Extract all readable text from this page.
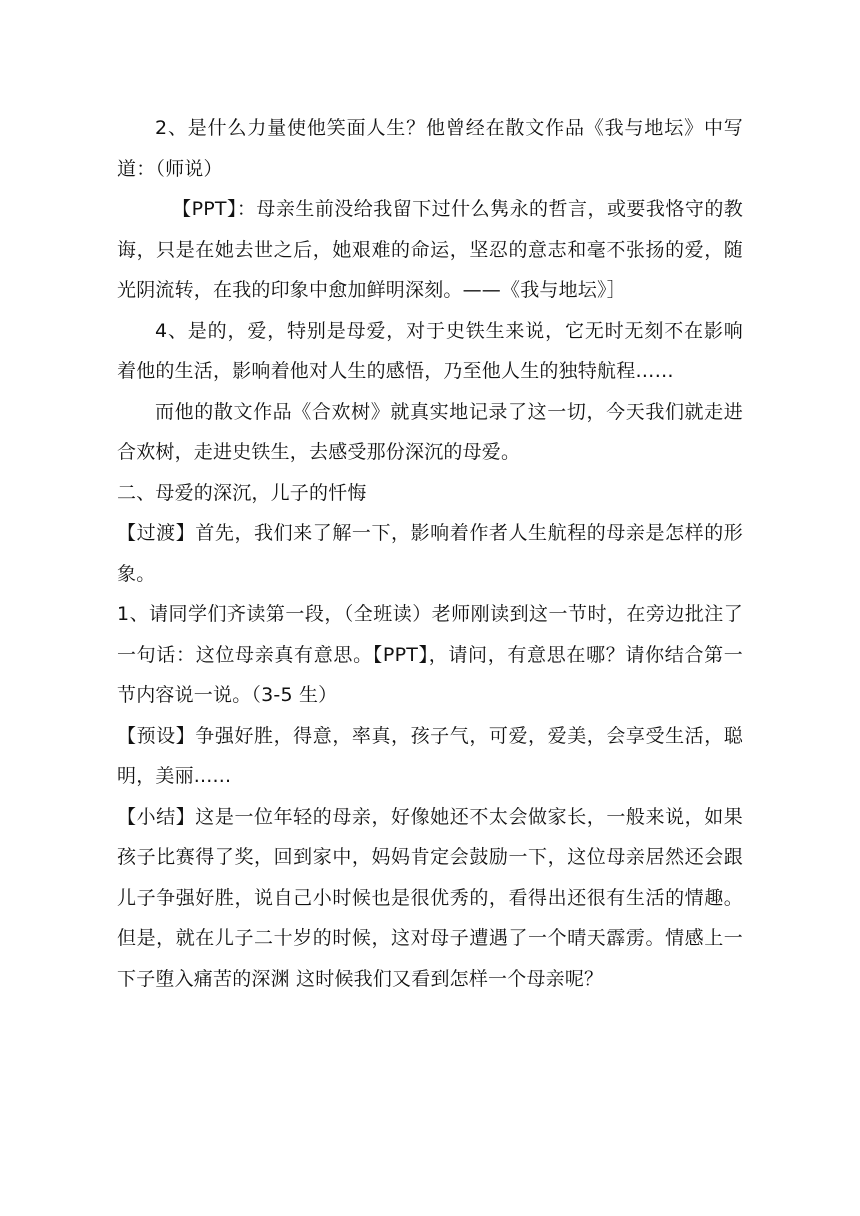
2、是什么力量使他笑面人生？他曾经在散文作品《我与地坛》中写道：（师说）

【PPT】：母亲生前没给我留下过什么隽永的哲言，或要我恪守的教诲，只是在她去世之后，她艰难的命运，坚忍的意志和毫不张扬的爱，随光阴流转，在我的印象中愈加鲜明深刻。——《我与地坛》］

4、是的，爱，特别是母爱，对于史铁生来说，它无时无刻不在影响着他的生活，影响着他对人生的感悟，乃至他人生的独特航程……

而他的散文作品《合欢树》就真实地记录了这一切，今天我们就走进合欢树，走进史铁生，去感受那份深沉的母爱。

二、母爱的深沉，儿子的忏悔

【过渡】首先，我们来了解一下，影响着作者人生航程的母亲是怎样的形象。

1、请同学们齐读第一段，（全班读）老师刚读到这一节时，在旁边批注了一句话：这位母亲真有意思。【PPT】，请问，有意思在哪？请你结合第一节内容说一说。（3-5 生）

【预设】争强好胜，得意，率真，孩子气，可爱，爱美，会享受生活，聪明，美丽......

【小结】这是一位年轻的母亲，好像她还不太会做家长，一般来说，如果孩子比赛得了奖，回到家中，妈妈肯定会鼓励一下，这位母亲居然还会跟儿子争强好胜，说自己小时候也是很优秀的，看得出还很有生活的情趣。但是，就在儿子二十岁的时候，这对母子遭遇了一个晴天霹雳。情感上一下子堕入痛苦的深渊 这时候我们又看到怎样一个母亲呢？
